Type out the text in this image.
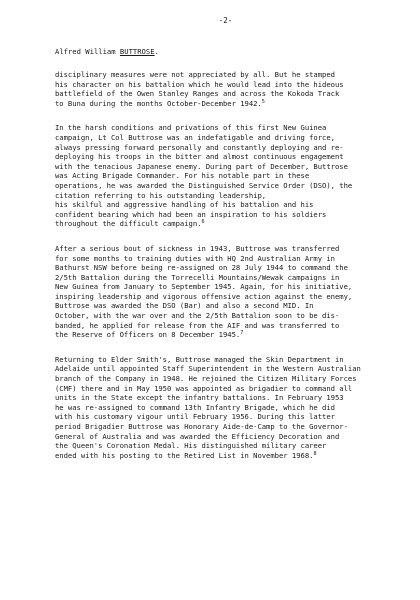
-2-
Alfred William BUTTROSE.
disciplinary measures were not appreciated by all. But he stamped
his character on his battalion which he would lead into the hideous
battlefield of the Owen Stanley Ranges and across the Kokoda Track
to Buna during the months October-December 1942.$^5$
In the harsh conditions and privations of this first New Guinea
campaign, Lt Col Buttrose was an indefatigable and driving force,
always pressing forward personally and constantly deploying and re-
deploying his troops in the bitter and almost continuous engagement
with the tenacious Japanese enemy. During part of December, Buttrose
was Acting Brigade Commander. For his notable part in these
operations, he was awarded the Distinguished Service Order (DSO), the
citation referring to his outstanding leadership,
his skilful and aggressive handling of his battalion and his
confident bearing which had been an inspiration to his soldiers
throughout the difficult campaign.$^6$
After a serious bout of sickness in 1943, Buttrose was transferred
for some months to training duties with HQ 2nd Australian Army in
Bathurst NSW before being re-assigned on 28 July 1944 to command the
2/5th Battalion during the Torrecelli Mountains/Wewak campaigns in
New Guinea from January to September 1945. Again, for his initiative,
inspiring leadership and vigorous offensive action against the enemy,
Buttrose was awarded the DSO (Bar) and also a second MID. In
October, with the war over and the 2/5th Battalion soon to be dis-
banded, he applied for release from the AIF and was transferred to
the Reserve of Officers on 8 December 1945.$^7$
Returning to Elder Smith's, Buttrose managed the Skin Department in
Adelaide until appointed Staff Superintendent in the Western Australian
branch of the Company in 1948. He rejoined the Citizen Military Forces
(CMF) there and in May 1950 was appointed as brigadier to command all
units in the State except the infantry battalions. In February 1953
he was re-assigned to command 13th Infantry Brigade, which he did
with his customary vigour until February 1956. During this latter
period Brigadier Buttrose was Honorary Aide-de-Camp to the Governor-
General of Australia and was awarded the Efficiency Decoration and
the Queen's Coronation Medal. His distinguished military career
ended with his posting to the Retired List in November 1968.$^8$
